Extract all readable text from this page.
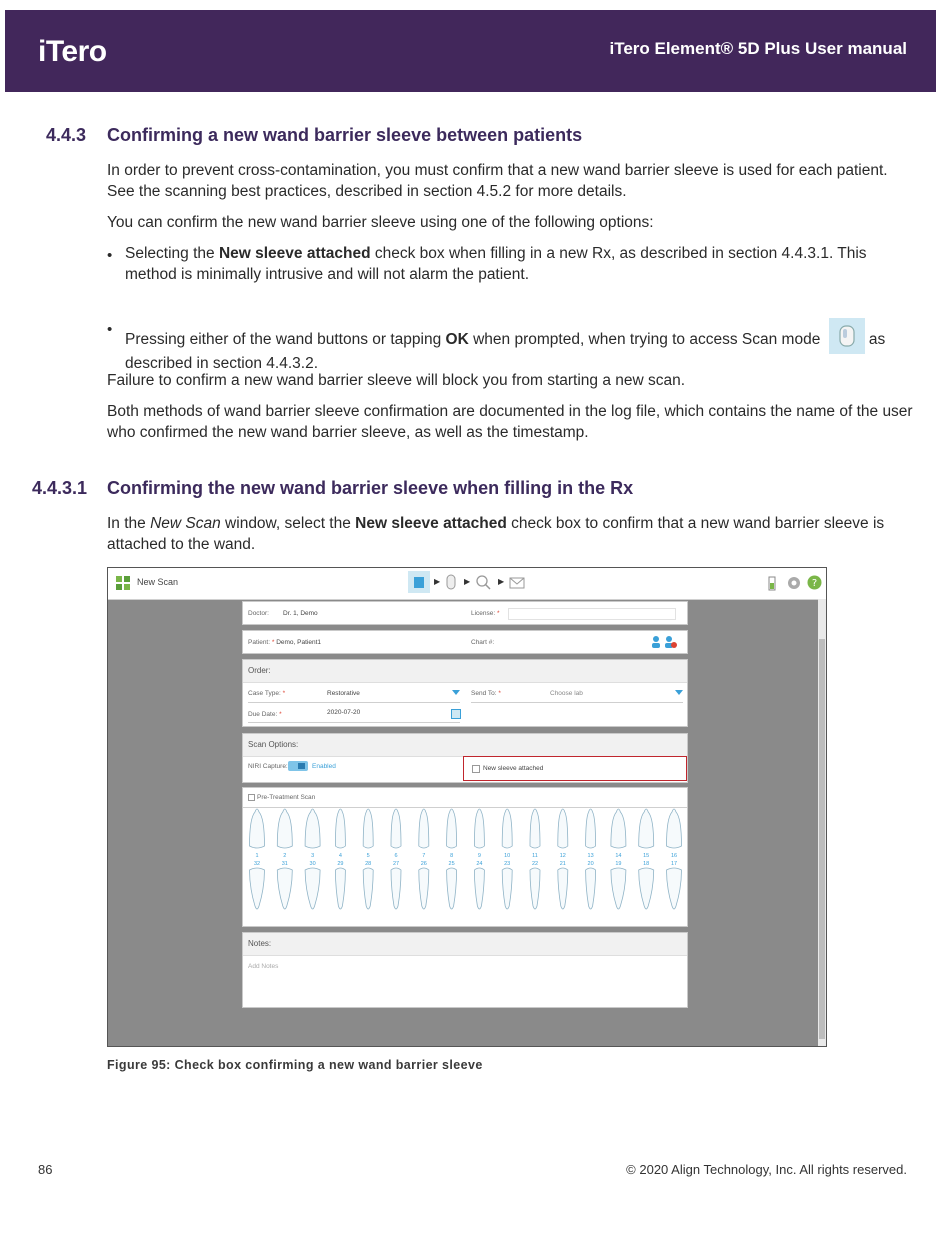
iTero	iTero Element® 5D Plus User manual
4.4.3 Confirming a new wand barrier sleeve between patients
In order to prevent cross-contamination, you must confirm that a new wand barrier sleeve is used for each patient. See the scanning best practices, described in section 4.5.2 for more details.
You can confirm the new wand barrier sleeve using one of the following options:
• Selecting the New sleeve attached check box when filling in a new Rx, as described in section 4.4.3.1. This method is minimally intrusive and will not alarm the patient.
•
Pressing either of the wand buttons or tapping OK when prompted, when trying to access Scan mode	as described in section 4.4.3.2.
Failure to confirm a new wand barrier sleeve will block you from starting a new scan.
Both methods of wand barrier sleeve confirmation are documented in the log file, which contains the name of the user who confirmed the new wand barrier sleeve, as well as the timestamp.
4.4.3.1 Confirming the new wand barrier sleeve when filling in the Rx
In the New Scan window, select the New sleeve attached check box to confirm that a new wand barrier sleeve is attached to the wand.
New Scan	▶	▶	▶	?
Doctor: Dr. 1, Demo	License: *
Patient: * Demo, Patient1	Chart #:
Order:
Case Type: *	Restorative	Send To: *	Choose lab
Due Date: *	2020-07-20
Scan Options:
NIRI Capture:	Enabled	New sleeve attached
Pre-Treatment Scan
1
32
2
31
3
30
4
29
5
28
6
27
7
26
8
25
9
24
10
23
11
22
12
21
13
20
14
19
15
18
16
17
Notes:
Add Notes
Figure 95: Check box confirming a new wand barrier sleeve
86	© 2020 Align Technology, Inc. All rights reserved.
